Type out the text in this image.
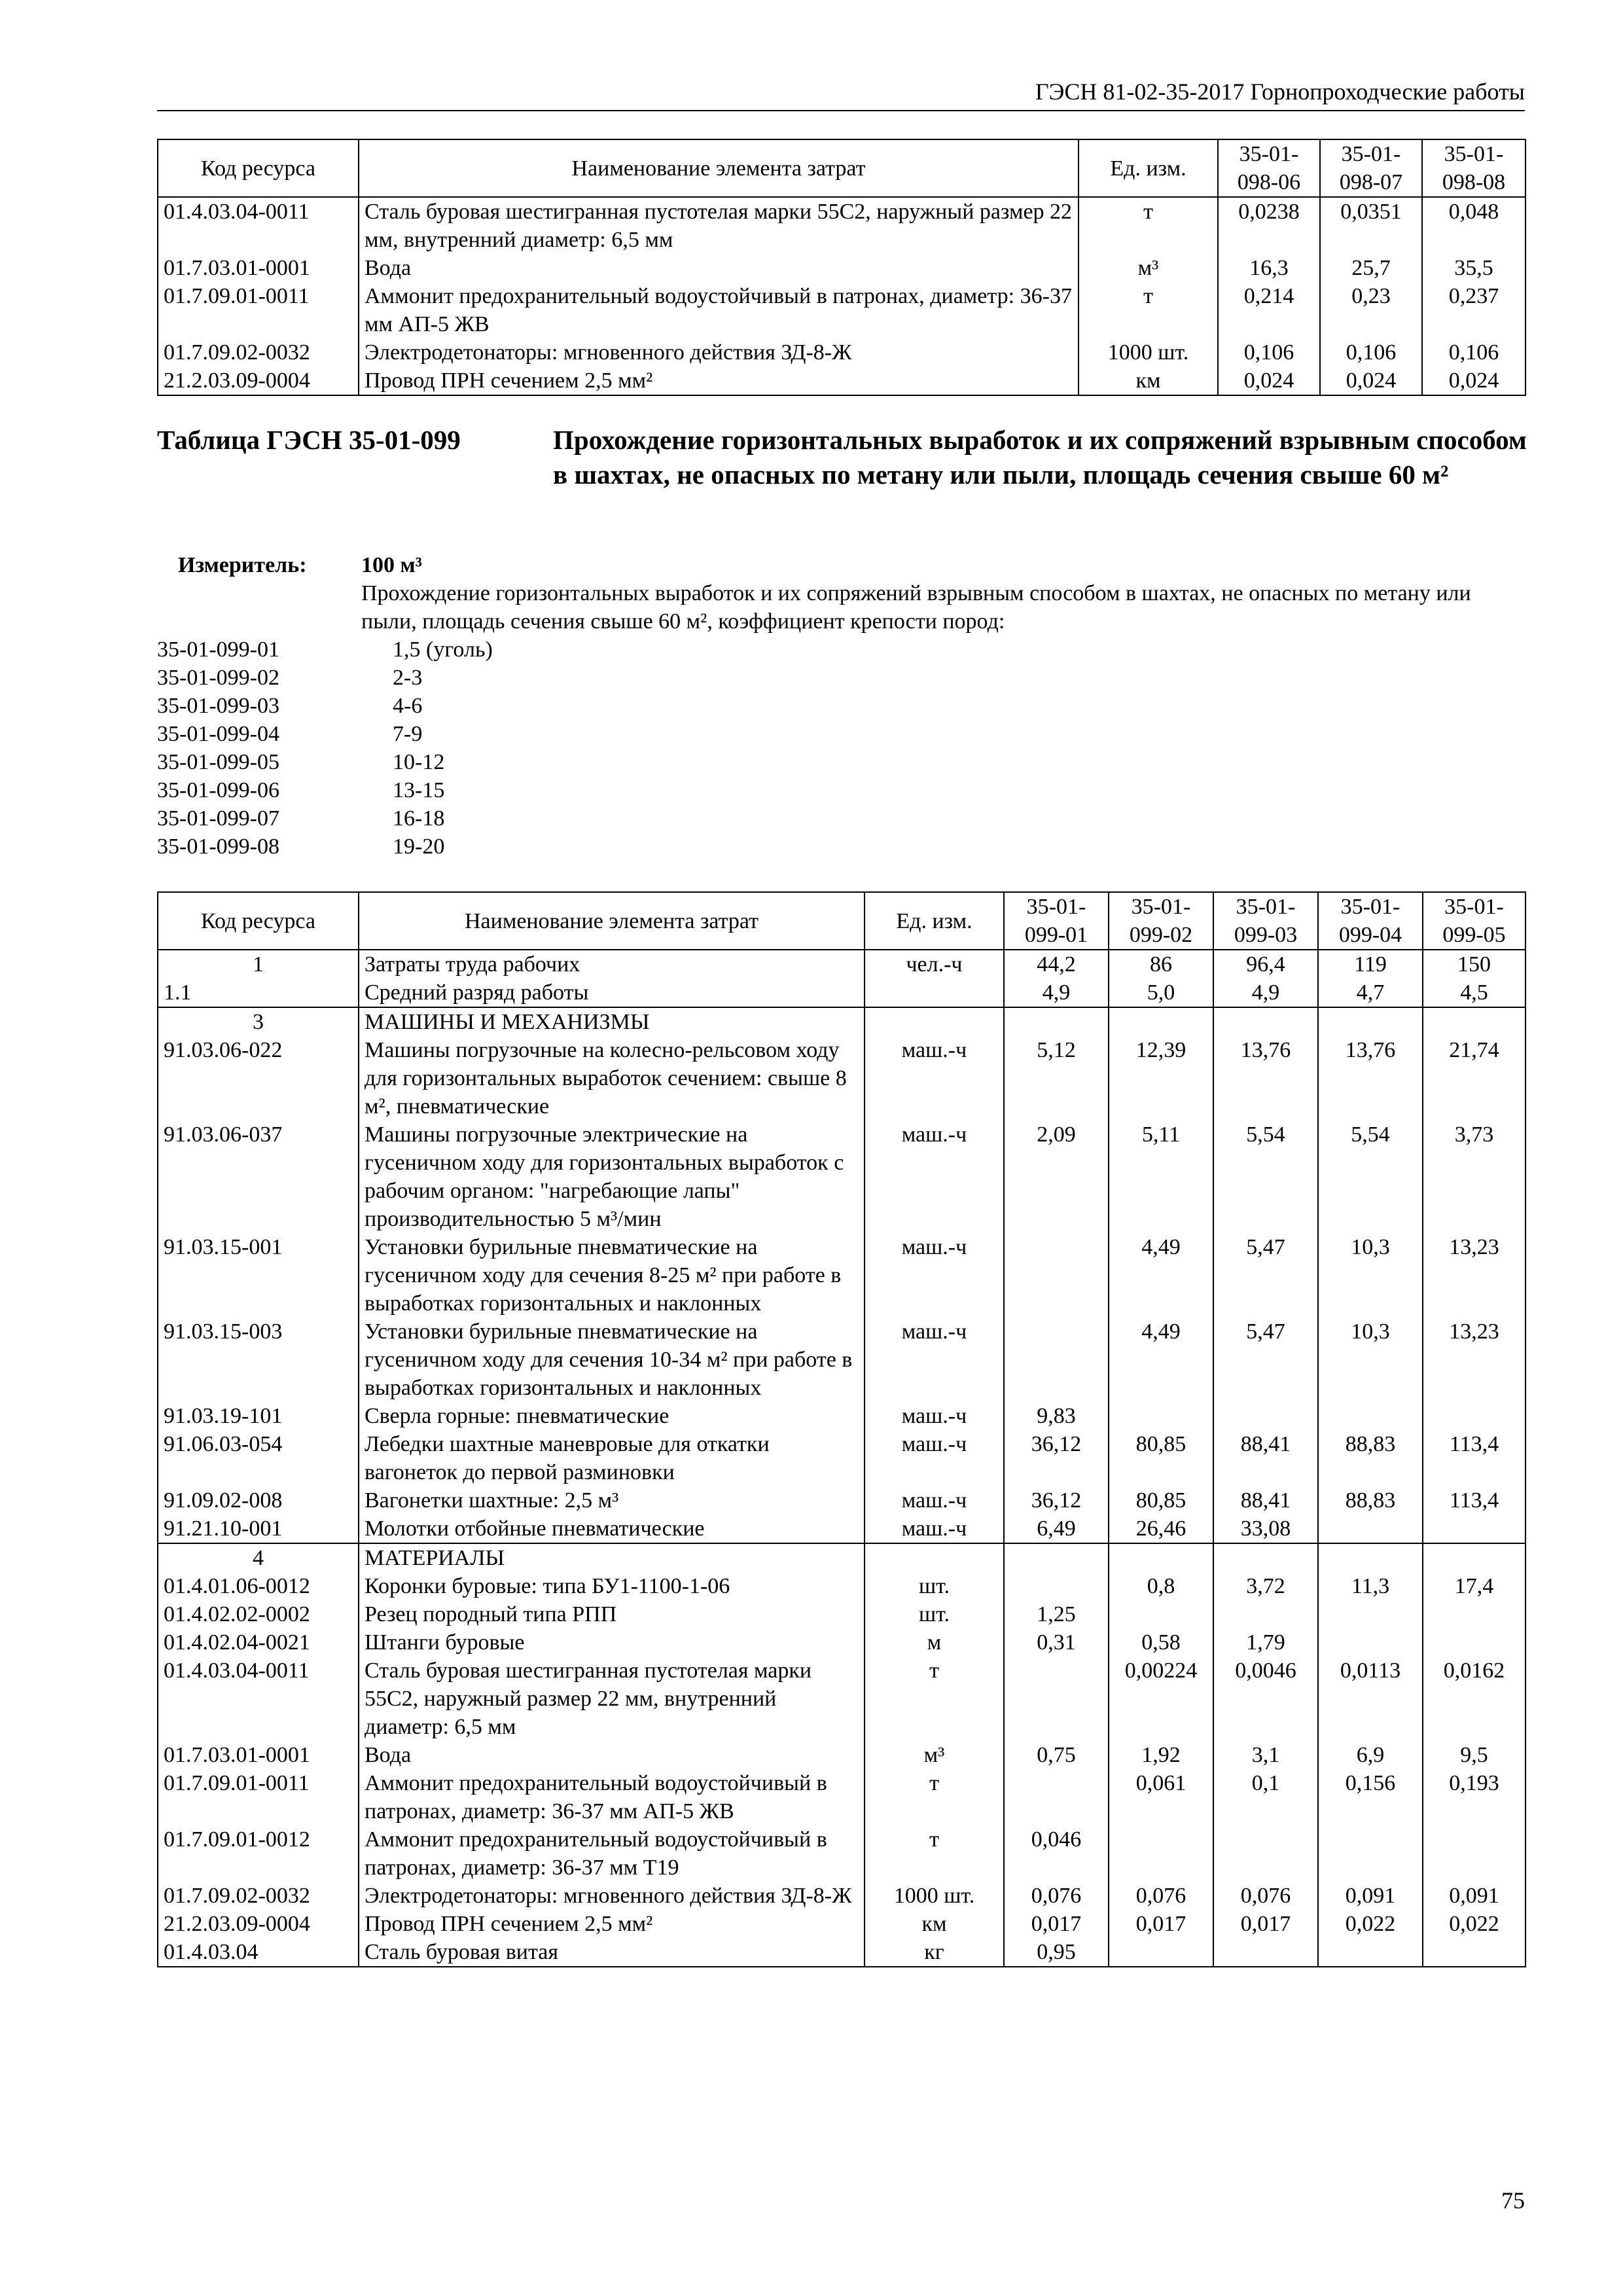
ГЭСН 81-02-35-2017 Горнопроходческие работы
Код ресурса	Наименование элемента затрат	Ед. изм.	35-01-098-06	35-01-098-07	35-01-098-08
01.4.03.04-0011	Сталь буровая шестигранная пустотелая марки 55С2, наружный размер 22 мм, внутренний диаметр: 6,5 мм	т	0,0238	0,0351	0,048
01.7.03.01-0001	Вода	м³	16,3	25,7	35,5
01.7.09.01-0011	Аммонит предохранительный водоустойчивый в патронах, диаметр: 36-37 мм АП-5 ЖВ	т	0,214	0,23	0,237
01.7.09.02-0032	Электродетонаторы: мгновенного действия ЗД-8-Ж	1000 шт.	0,106	0,106	0,106
21.2.03.09-0004	Провод ПРН сечением 2,5 мм²	км	0,024	0,024	0,024
Таблица ГЭСН 35-01-099	Прохождение горизонтальных выработок и их сопряжений взрывным способом в шахтах, не опасных по метану или пыли, площадь сечения свыше 60 м²
Измеритель: 100 м³
Прохождение горизонтальных выработок и их сопряжений взрывным способом в шахтах, не опасных по метану или пыли, площадь сечения свыше 60 м², коэффициент крепости пород:
35-01-099-01	1,5 (уголь)
35-01-099-02	2-3
35-01-099-03	4-6
35-01-099-04	7-9
35-01-099-05	10-12
35-01-099-06	13-15
35-01-099-07	16-18
35-01-099-08	19-20
Код ресурса	Наименование элемента затрат	Ед. изм.	35-01-099-01	35-01-099-02	35-01-099-03	35-01-099-04	35-01-099-05
1	Затраты труда рабочих	чел.-ч	44,2	86	96,4	119	150
1.1	Средний разряд работы		4,9	5,0	4,9	4,7	4,5
3	МАШИНЫ И МЕХАНИЗМЫ						
91.03.06-022	Машины погрузочные на колесно-рельсовом ходу для горизонтальных выработок сечением: свыше 8 м², пневматические	маш.-ч	5,12	12,39	13,76	13,76	21,74
91.03.06-037	Машины погрузочные электрические на гусеничном ходу для горизонтальных выработок с рабочим органом: "нагребающие лапы" производительностью 5 м³/мин	маш.-ч	2,09	5,11	5,54	5,54	3,73
91.03.15-001	Установки бурильные пневматические на гусеничном ходу для сечения 8-25 м² при работе в выработках горизонтальных и наклонных	маш.-ч		4,49	5,47	10,3	13,23
91.03.15-003	Установки бурильные пневматические на гусеничном ходу для сечения 10-34 м² при работе в выработках горизонтальных и наклонных	маш.-ч		4,49	5,47	10,3	13,23
91.03.19-101	Сверла горные: пневматические	маш.-ч	9,83				
91.06.03-054	Лебедки шахтные маневровые для откатки вагонеток до первой разминовки	маш.-ч	36,12	80,85	88,41	88,83	113,4
91.09.02-008	Вагонетки шахтные: 2,5 м³	маш.-ч	36,12	80,85	88,41	88,83	113,4
91.21.10-001	Молотки отбойные пневматические	маш.-ч	6,49	26,46	33,08		
4	МАТЕРИАЛЫ						
01.4.01.06-0012	Коронки буровые: типа БУ1-1100-1-06	шт.		0,8	3,72	11,3	17,4
01.4.02.02-0002	Резец породный типа РПП	шт.	1,25				
01.4.02.04-0021	Штанги буровые	м	0,31	0,58	1,79		
01.4.03.04-0011	Сталь буровая шестигранная пустотелая марки 55С2, наружный размер 22 мм, внутренний диаметр: 6,5 мм	т		0,00224	0,0046	0,0113	0,0162
01.7.03.01-0001	Вода	м³	0,75	1,92	3,1	6,9	9,5
01.7.09.01-0011	Аммонит предохранительный водоустойчивый в патронах, диаметр: 36-37 мм АП-5 ЖВ	т		0,061	0,1	0,156	0,193
01.7.09.01-0012	Аммонит предохранительный водоустойчивый в патронах, диаметр: 36-37 мм Т19	т	0,046				
01.7.09.02-0032	Электродетонаторы: мгновенного действия ЗД-8-Ж	1000 шт.	0,076	0,076	0,076	0,091	0,091
21.2.03.09-0004	Провод ПРН сечением 2,5 мм²	км	0,017	0,017	0,017	0,022	0,022
01.4.03.04	Сталь буровая витая	кг	0,95				
75
